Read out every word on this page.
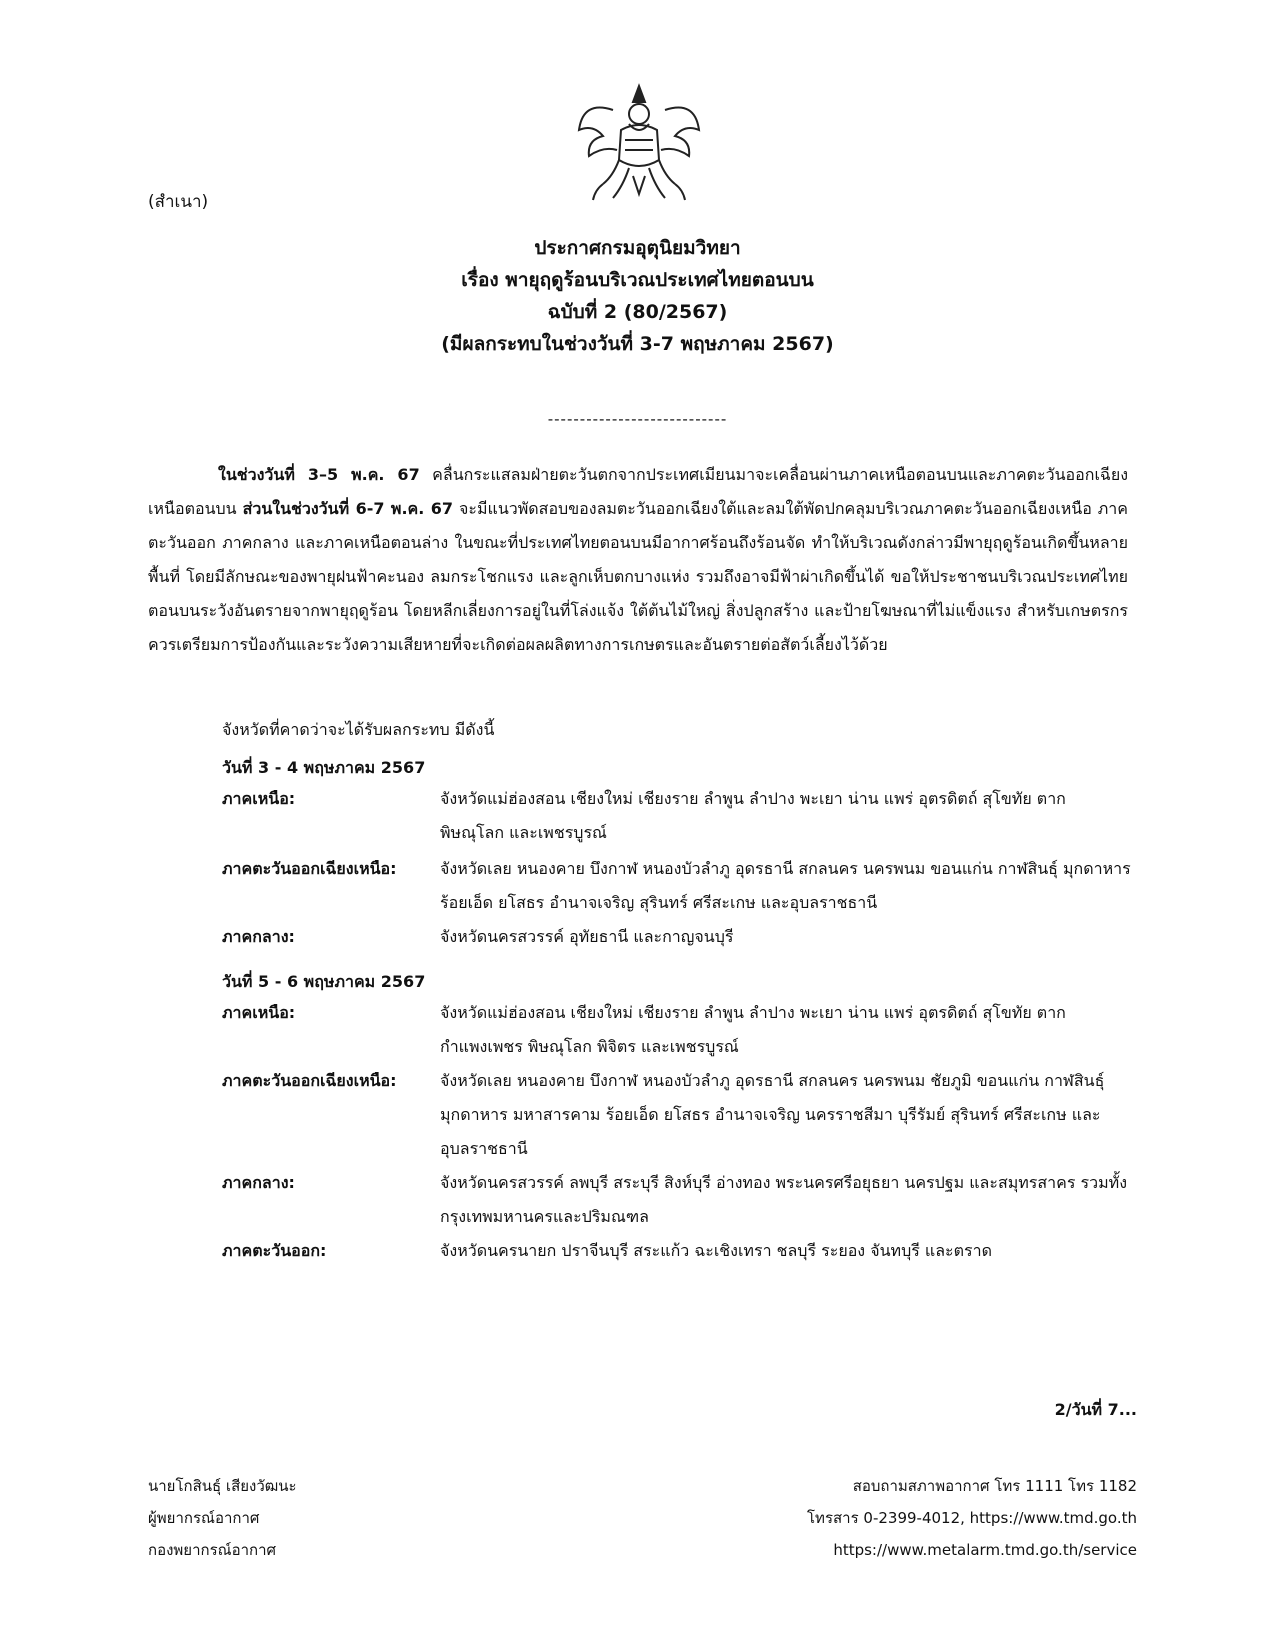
(สำเนา)
ประกาศกรมอุตุนิยมวิทยา
เรื่อง พายุฤดูร้อนบริเวณประเทศไทยตอนบน
ฉบับที่ 2 (80/2567)
(มีผลกระทบในช่วงวันที่ 3-7 พฤษภาคม 2567)
----------------------------
ในช่วงวันที่ 3–5 พ.ค. 67 คลื่นกระแสลมฝ่ายตะวันตกจากประเทศเมียนมาจะเคลื่อนผ่านภาคเหนือตอนบนและภาคตะวันออกเฉียงเหนือตอนบน ส่วนในช่วงวันที่ 6-7 พ.ค. 67 จะมีแนวพัดสอบของลมตะวันออกเฉียงใต้และลมใต้พัดปกคลุมบริเวณภาคตะวันออกเฉียงเหนือ ภาคตะวันออก ภาคกลาง และภาคเหนือตอนล่าง ในขณะที่ประเทศไทยตอนบนมีอากาศร้อนถึงร้อนจัด ทำให้บริเวณดังกล่าวมีพายุฤดูร้อนเกิดขึ้นหลายพื้นที่ โดยมีลักษณะของพายุฝนฟ้าคะนอง ลมกระโชกแรง และลูกเห็บตกบางแห่ง รวมถึงอาจมีฟ้าผ่าเกิดขึ้นได้ ขอให้ประชาชนบริเวณประเทศไทยตอนบนระวังอันตรายจากพายุฤดูร้อน โดยหลีกเลี่ยงการอยู่ในที่โล่งแจ้ง ใต้ต้นไม้ใหญ่ สิ่งปลูกสร้าง และป้ายโฆษณาที่ไม่แข็งแรง สำหรับเกษตรกรควรเตรียมการป้องกันและระวังความเสียหายที่จะเกิดต่อผลผลิตทางการเกษตรและอันตรายต่อสัตว์เลี้ยงไว้ด้วย
จังหวัดที่คาดว่าจะได้รับผลกระทบ มีดังนี้
วันที่ 3 - 4 พฤษภาคม 2567
ภาคเหนือ:	จังหวัดแม่ฮ่องสอน เชียงใหม่ เชียงราย ลำพูน ลำปาง พะเยา น่าน แพร่ อุตรดิตถ์ สุโขทัย ตาก พิษณุโลก และเพชรบูรณ์
ภาคตะวันออกเฉียงเหนือ:	จังหวัดเลย หนองคาย บึงกาฬ หนองบัวลำภู อุดรธานี สกลนคร นครพนม ขอนแก่น กาฬสินธุ์ มุกดาหาร ร้อยเอ็ด ยโสธร อำนาจเจริญ สุรินทร์ ศรีสะเกษ และอุบลราชธานี
ภาคกลาง:	จังหวัดนครสวรรค์ อุทัยธานี และกาญจนบุรี
วันที่ 5 - 6 พฤษภาคม 2567
ภาคเหนือ:	จังหวัดแม่ฮ่องสอน เชียงใหม่ เชียงราย ลำพูน ลำปาง พะเยา น่าน แพร่ อุตรดิตถ์ สุโขทัย ตาก กำแพงเพชร พิษณุโลก พิจิตร และเพชรบูรณ์
ภาคตะวันออกเฉียงเหนือ:	จังหวัดเลย หนองคาย บึงกาฬ หนองบัวลำภู อุดรธานี สกลนคร นครพนม ชัยภูมิ ขอนแก่น กาฬสินธุ์ มุกดาหาร มหาสารคาม ร้อยเอ็ด ยโสธร อำนาจเจริญ นครราชสีมา บุรีรัมย์ สุรินทร์ ศรีสะเกษ และอุบลราชธานี
ภาคกลาง:	จังหวัดนครสวรรค์ ลพบุรี สระบุรี สิงห์บุรี อ่างทอง พระนครศรีอยุธยา นครปฐม และสมุทรสาคร รวมทั้งกรุงเทพมหานครและปริมณฑล
ภาคตะวันออก:	จังหวัดนครนายก ปราจีนบุรี สระแก้ว ฉะเชิงเทรา ชลบุรี ระยอง จันทบุรี และตราด
2/วันที่ 7...
นายโกสินธุ์ เสียงวัฒนะ
ผู้พยากรณ์อากาศ
กองพยากรณ์อากาศ
สอบถามสภาพอากาศ โทร 1111 โทร 1182
โทรสาร 0-2399-4012, https://www.tmd.go.th
https://www.metalarm.tmd.go.th/service
